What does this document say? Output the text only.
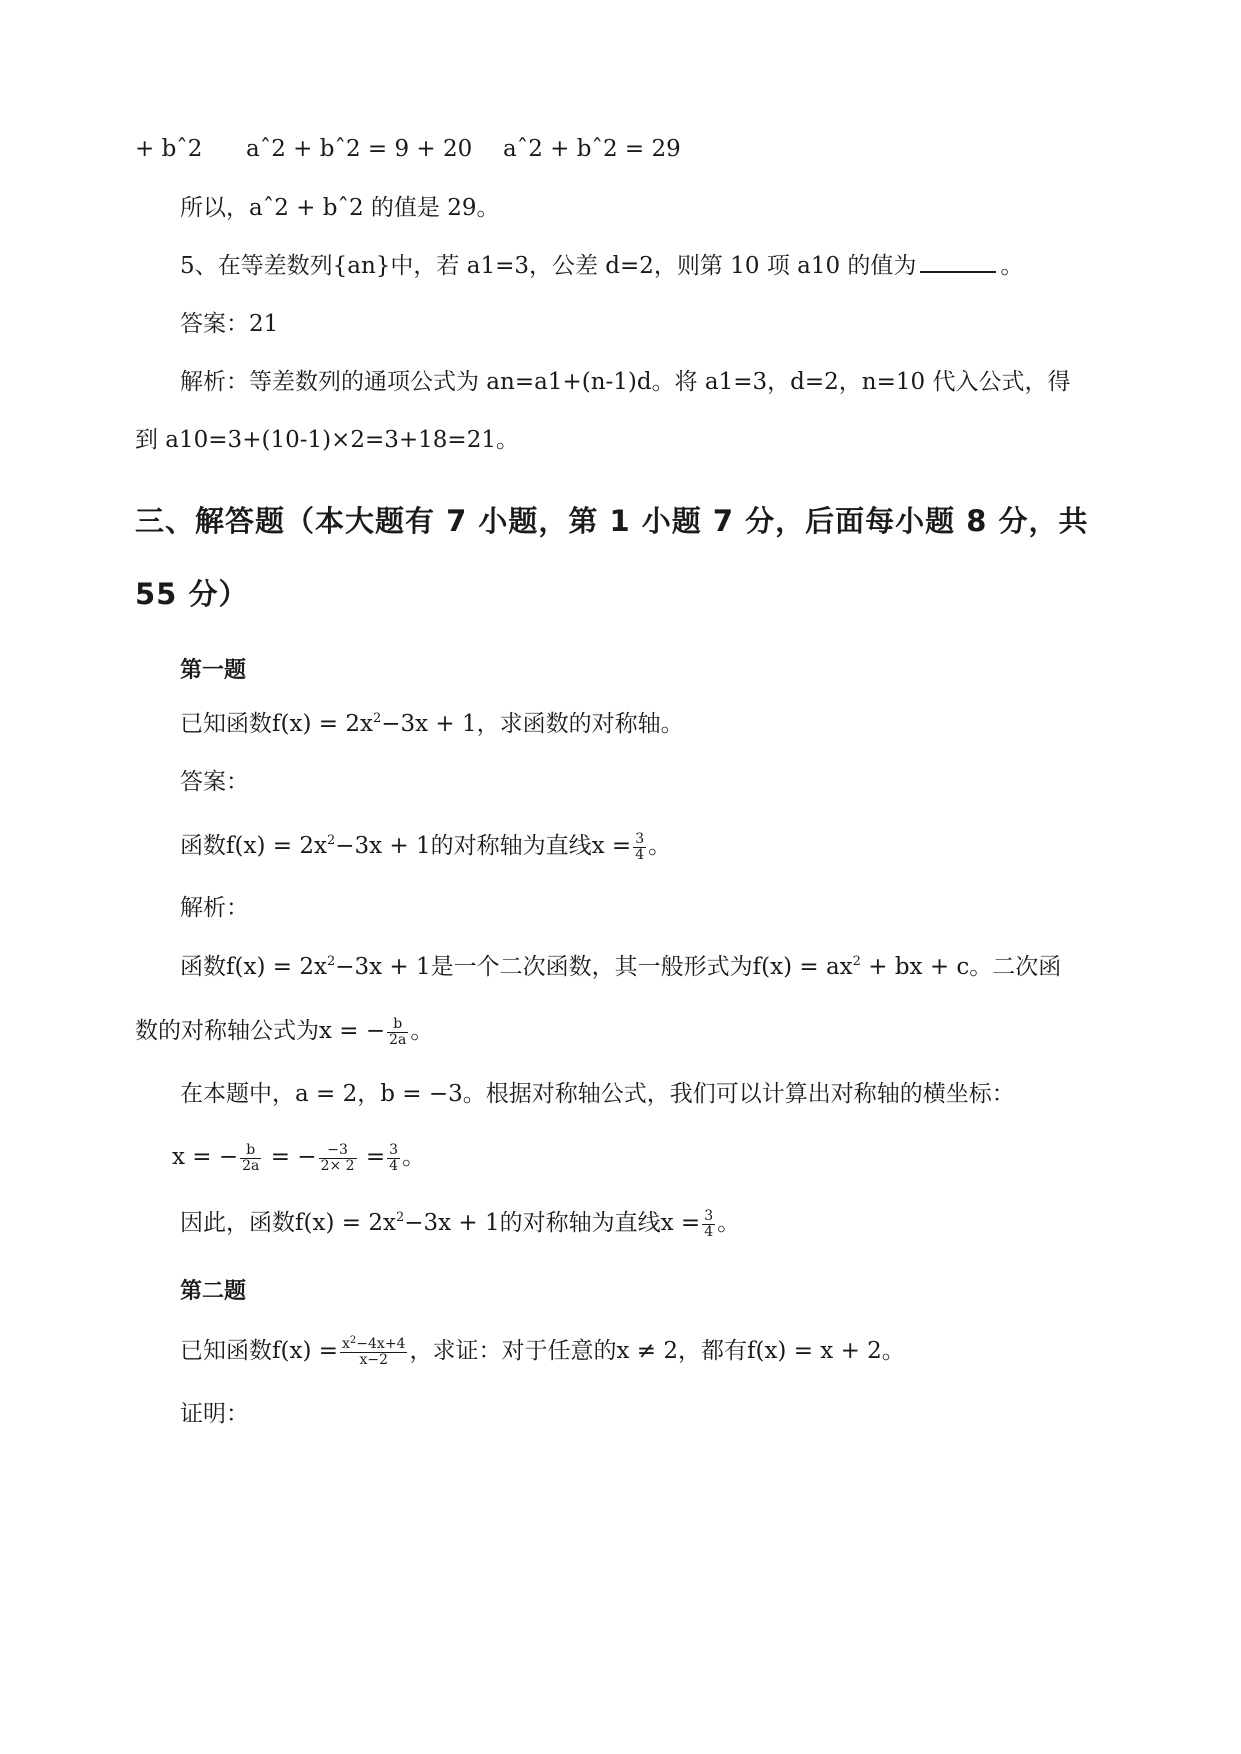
+ bˆ2 aˆ2 + bˆ2 = 9 + 20 aˆ2 + bˆ2 = 29
所以，aˆ2 + bˆ2 的值是 29。
5、在等差数列{an}中，若 a1=3，公差 d=2，则第 10 项 a10 的值为	。
答案：21
解析：等差数列的通项公式为 an=a1+(n-1)d。将 a1=3，d=2，n=10 代入公式，得
到 a10=3+(10-1)×2=3+18=21。
三、解答题（本大题有 7 小题，第 1 小题 7 分，后面每小题 8 分，共
55 分）
第一题
已知函数$f(x) = 2x^2-3x + 1$，求函数的对称轴。
答案：
函数$f(x) = 2x^2-3x + 1$的对称轴为直线$x = \frac{3}{4}$ 。
解析：
函数$f(x) = 2x^2-3x + 1$是一个二次函数，其一般形式为$f(x) = ax^2$ + bx + c。二次函
数的对称轴公式为x = − $\frac{b}{2a}$ 。
在本题中，a = 2，b = −3。根据对称轴公式，我们可以计算出对称轴的横坐标：
x = − $\frac{b}{2a}$ = − $\frac{-3}{2\times 2} = \frac{3}{4}$ 。
因此，函数$f(x) = 2x^2-3x + 1$的对称轴为直线$x = \frac{3}{4}$ 。
第二题
已知函数$f(x) = \frac{x^2-4x+4}{x-2}$ ，求证：对于任意的x ≠ 2，都有f(x) = x + 2。
证明：
